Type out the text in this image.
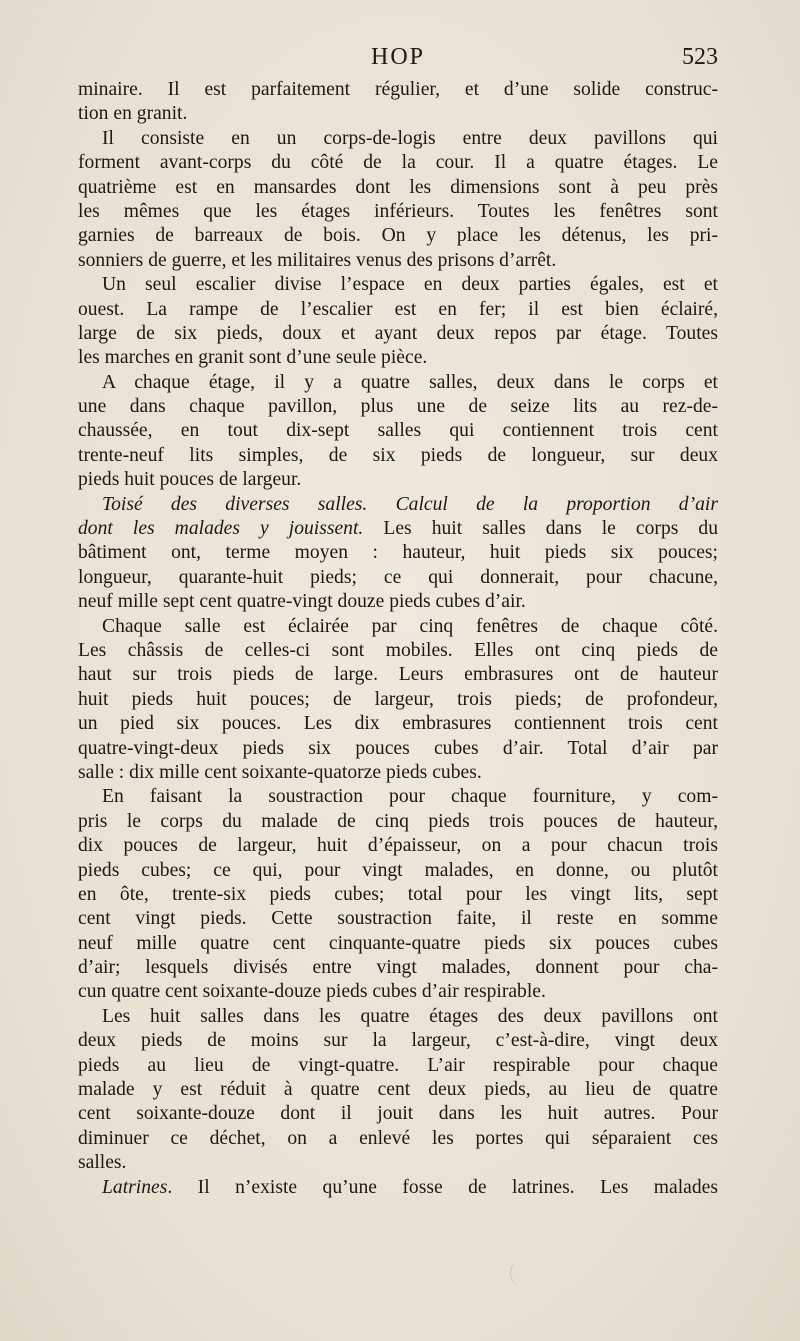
HOP	523
minaire. Il est parfaitement régulier, et d’une solide construc-
tion en granit.
Il consiste en un corps-de-logis entre deux pavillons qui
forment avant-corps du côté de la cour. Il a quatre étages. Le
quatrième est en mansardes dont les dimensions sont à peu près
les mêmes que les étages inférieurs. Toutes les fenêtres sont
garnies de barreaux de bois. On y place les détenus, les pri-
sonniers de guerre, et les militaires venus des prisons d’arrêt.
Un seul escalier divise l’espace en deux parties égales, est et
ouest. La rampe de l’escalier est en fer; il est bien éclairé,
large de six pieds, doux et ayant deux repos par étage. Toutes
les marches en granit sont d’une seule pièce.
A chaque étage, il y a quatre salles, deux dans le corps et
une dans chaque pavillon, plus une de seize lits au rez-de-
chaussée, en tout dix-sept salles qui contiennent trois cent
trente-neuf lits simples, de six pieds de longueur, sur deux
pieds huit pouces de largeur.
Toisé des diverses salles. Calcul de la proportion d’air
dont les malades y jouissent. Les huit salles dans le corps du
bâtiment ont, terme moyen : hauteur, huit pieds six pouces;
longueur, quarante-huit pieds; ce qui donnerait, pour chacune,
neuf mille sept cent quatre-vingt douze pieds cubes d’air.
Chaque salle est éclairée par cinq fenêtres de chaque côté.
Les châssis de celles-ci sont mobiles. Elles ont cinq pieds de
haut sur trois pieds de large. Leurs embrasures ont de hauteur
huit pieds huit pouces; de largeur, trois pieds; de profondeur,
un pied six pouces. Les dix embrasures contiennent trois cent
quatre-vingt-deux pieds six pouces cubes d’air. Total d’air par
salle : dix mille cent soixante-quatorze pieds cubes.
En faisant la soustraction pour chaque fourniture, y com-
pris le corps du malade de cinq pieds trois pouces de hauteur,
dix pouces de largeur, huit d’épaisseur, on a pour chacun trois
pieds cubes; ce qui, pour vingt malades, en donne, ou plutôt
en ôte, trente-six pieds cubes; total pour les vingt lits, sept
cent vingt pieds. Cette soustraction faite, il reste en somme
neuf mille quatre cent cinquante-quatre pieds six pouces cubes
d’air; lesquels divisés entre vingt malades, donnent pour cha-
cun quatre cent soixante-douze pieds cubes d’air respirable.
Les huit salles dans les quatre étages des deux pavillons ont
deux pieds de moins sur la largeur, c’est-à-dire, vingt deux
pieds au lieu de vingt-quatre. L’air respirable pour chaque
malade y est réduit à quatre cent deux pieds, au lieu de quatre
cent soixante-douze dont il jouit dans les huit autres. Pour
diminuer ce déchet, on a enlevé les portes qui séparaient ces
salles.
Latrines. Il n’existe qu’une fosse de latrines. Les malades
